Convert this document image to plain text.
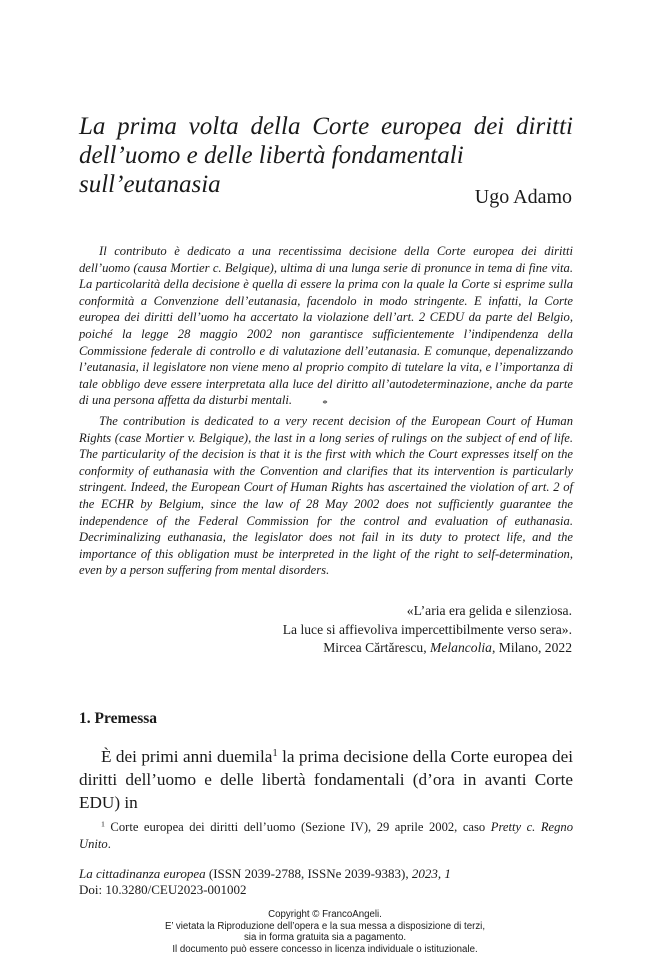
La prima volta della Corte europea dei diritti
dell’uomo e delle libertà fondamentali sull’eutanasia	Ugo Adamo

Il contributo è dedicato a una recentissima decisione della Corte europea dei diritti dell’uomo (causa Mortier c. Belgique), ultima di una lunga serie di pronunce in tema di fine vita. La particolarità della decisione è quella di essere la prima con la quale la Corte si esprime sulla conformità a Convenzione dell’eutanasia, facendolo in modo stringente. E infatti, la Corte europea dei diritti dell’uomo ha accertato la violazione dell’art. 2 CEDU da parte del Belgio, poiché la legge 28 maggio 2002 non garantisce sufficientemente l’indipendenza della Commissione federale di controllo e di valutazione dell’eutanasia. E comunque, depenalizzando l’eutanasia, il legislatore non viene meno al proprio compito di tutelare la vita, e l’importanza di tale obbligo deve essere interpretata alla luce del diritto all’autodeterminazione, anche da parte di una persona affetta da disturbi mentali.	*

The contribution is dedicated to a very recent decision of the European Court of Human Rights (case Mortier v. Belgique), the last in a long series of rulings on the subject of end of life. The particularity of the decision is that it is the first with which the Court expresses itself on the conformity of euthanasia with the Convention and clarifies that its intervention is particularly stringent. Indeed, the European Court of Human Rights has ascertained the violation of art. 2 of the ECHR by Belgium, since the law of 28 May 2002 does not sufficiently guarantee the independence of the Federal Commission for the control and evaluation of euthanasia. Decriminalizing euthanasia, the legislator does not fail in its duty to protect life, and the importance of this obligation must be interpreted in the light of the right to self-determination, even by a person suffering from mental disorders.

«L’aria era gelida e silenziosa.
La luce si affievoliva impercettibilmente verso sera».
Mircea Cărtărescu, Melancolia, Milano, 2022
1. Premessa

È dei primi anni duemila$^1$ la prima decisione della Corte europea dei diritti dell’uomo e delle libertà fondamentali (d’ora in avanti Corte EDU) in

$^1$ Corte europea dei diritti dell’uomo (Sezione IV), 29 aprile 2002, caso Pretty c. Regno Unito.

La cittadinanza europea (ISSN 2039-2788, ISSNe 2039-9383), 2023, 1
Doi: 10.3280/CEU2023-001002
Copyright © FrancoAngeli.
E’ vietata la Riproduzione dell’opera e la sua messa a disposizione di terzi,
sia in forma gratuita sia a pagamento.
Il documento può essere concesso in licenza individuale o istituzionale.
